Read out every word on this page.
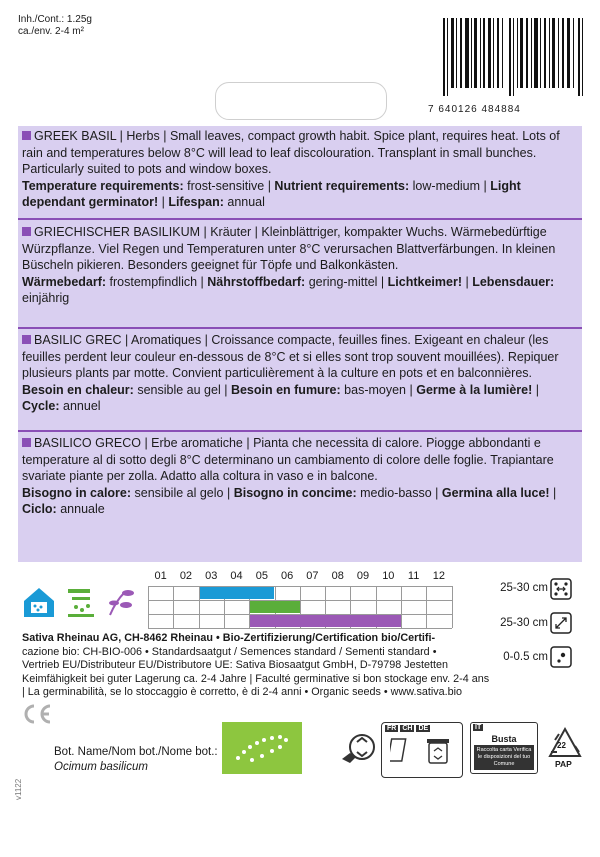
Inh./Cont.: 1.25g
ca./env. 2-4 m²
7 640126 484884
GREEK BASIL | Herbs | Small leaves, compact growth habit. Spice plant, requires heat. Lots of rain and temperatures below 8°C will lead to leaf discolouration. Transplant in small bunches. Particularly suited to pots and window boxes.
Temperature requirements: frost-sensitive | Nutrient requirements: low-medium | Light dependant germinator! | Lifespan: annual
GRIECHISCHER BASILIKUM | Kräuter | Kleinblättriger, kompakter Wuchs. Wärmebedürftige Würzpflanze. Viel Regen und Temperaturen unter 8°C verursachen Blattverfärbungen. In kleinen Büscheln pikieren. Besonders geeignet für Töpfe und Balkonkästen.
Wärmebedarf: frostempfindlich | Nährstoffbedarf: gering-mittel | Lichtkeimer! | Lebensdauer: einjährig
BASILIC GREC | Aromatiques | Croissance compacte, feuilles fines. Exigeant en chaleur (les feuilles perdent leur couleur en-dessous de 8°C et si elles sont trop souvent mouillées). Repiquer plusieurs plants par motte. Convient particulièrement à la culture en pots et en balconnières.
Besoin en chaleur: sensible au gel | Besoin en fumure: bas-moyen | Germe à la lumière! | Cycle: annuel
BASILICO GRECO | Erbe aromatiche | Pianta che necessita di calore. Piogge abbondanti e temperature al di sotto degli 8°C determinano un cambiamento di colore delle foglie. Trapiantare svariate piante per zolla. Adatto alla coltura in vaso e in balcone.
Bisogno in calore: sensibile al gelo | Bisogno in concime: medio-basso | Germina alla luce! | Ciclo: annuale
01	02	03	04	05	06	07	08	09	10	11	12
25-30 cm
25-30 cm
0-0.5 cm
Sativa Rheinau AG, CH-8462 Rheinau • Bio-Zertifizierung/Certification bio/Certifi-
cazione bio: CH-BIO-006 • Standardsaatgut / Semences standard / Sementi standard •
Vertrieb EU/Distributeur EU/Distributore UE: Sativa Biosaatgut GmbH, D-79798 Jestetten
Keimfähigkeit bei guter Lagerung ca. 2-4 Jahre | Faculté germinative si bon stockage env. 2-4 ans
| La germinabilità, se lo stoccaggio è corretto, è di 2-4 anni • Organic seeds • www.sativa.bio
v1122
Bot. Name/Nom bot./Nome bot.:
Ocimum basilicum
FR CH DE	IT
Busta
Raccolta carta Verifica le disposizioni del tuo Comune
22
PAP
